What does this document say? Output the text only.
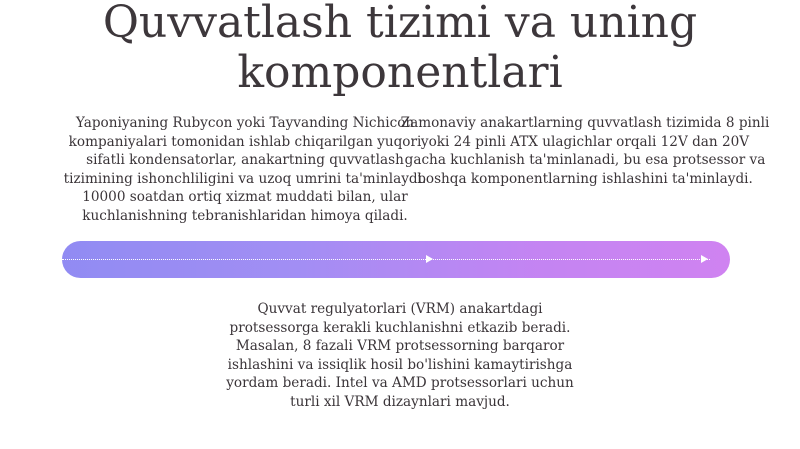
Quvvatlash tizimi va uning komponentlari
Yaponiyaning Rubycon yoki Tayvanding Nichicon kompaniyalari tomonidan ishlab chiqarilgan yuqori sifatli kondensatorlar, anakartning quvvatlash tizimining ishonchliligini va uzoq umrini ta'minlaydi. 10000 soatdan ortiq xizmat muddati bilan, ular kuchlanishning tebranishlaridan himoya qiladi.
Zamonaviy anakartlarning quvvatlash tizimida 8 pinli yoki 24 pinli ATX ulagichlar orqali 12V dan 20V gacha kuchlanish ta'minlanadi, bu esa protsessor va boshqa komponentlarning ishlashini ta'minlaydi.
Quvvat regulyatorlari (VRM) anakartdagi protsessorga kerakli kuchlanishni etkazib beradi. Masalan, 8 fazali VRM protsessorning barqaror ishlashini va issiqlik hosil bo'lishini kamaytirishga yordam beradi. Intel va AMD protsessorlari uchun turli xil VRM dizaynlari mavjud.
